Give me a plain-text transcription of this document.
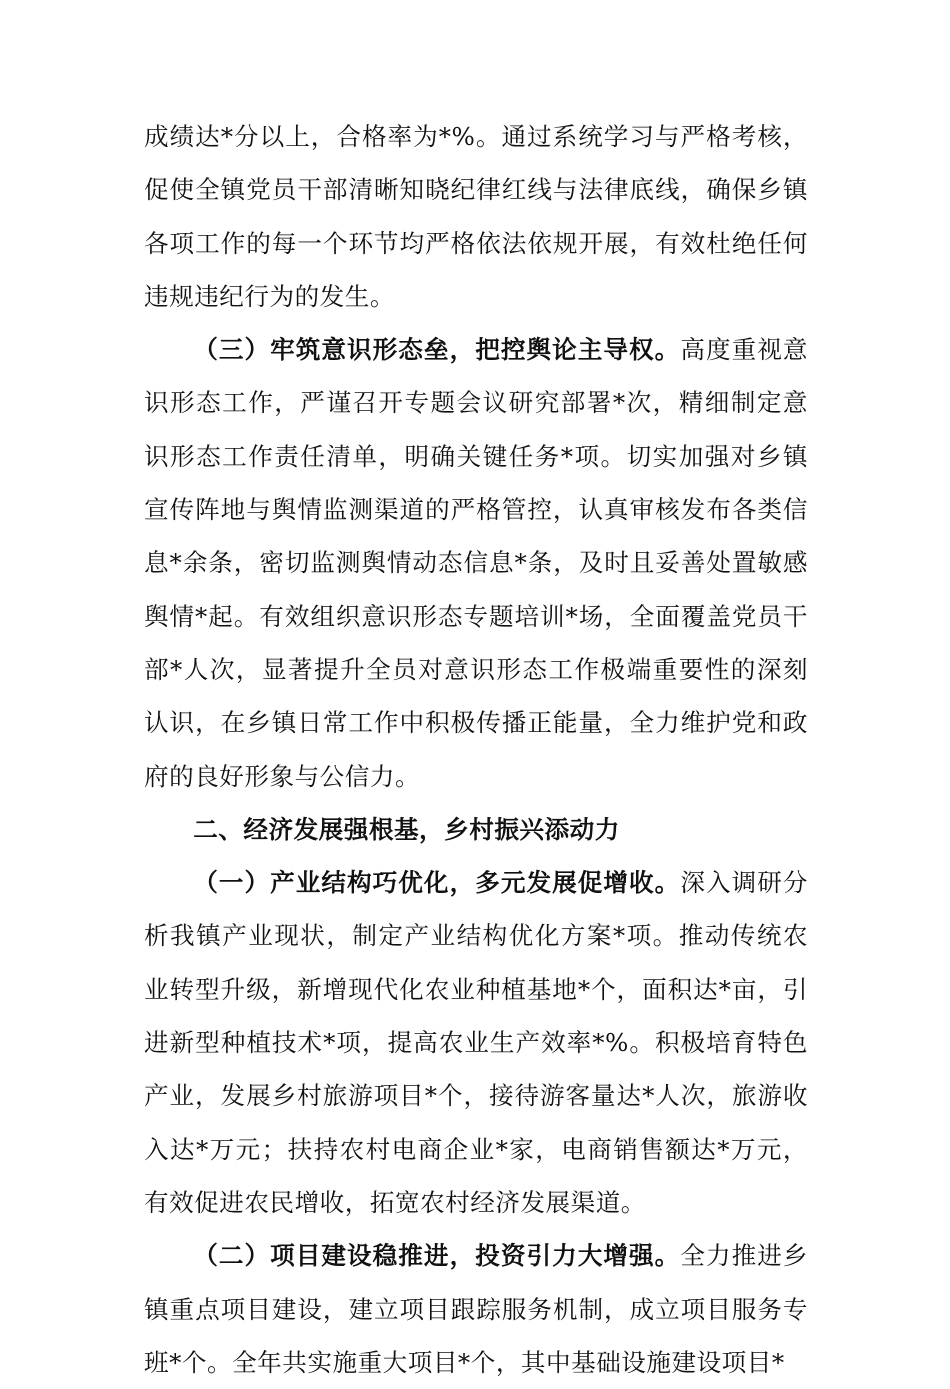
成绩达*分以上，合格率为*%。通过系统学习与严格考核，促使全镇党员干部清晰知晓纪律红线与法律底线，确保乡镇各项工作的每一个环节均严格依法依规开展，有效杜绝任何违规违纪行为的发生。

（三）牢筑意识形态垒，把控舆论主导权。高度重视意识形态工作，严谨召开专题会议研究部署*次，精细制定意识形态工作责任清单，明确关键任务*项。切实加强对乡镇宣传阵地与舆情监测渠道的严格管控，认真审核发布各类信息*余条，密切监测舆情动态信息*条，及时且妥善处置敏感舆情*起。有效组织意识形态专题培训*场，全面覆盖党员干部*人次，显著提升全员对意识形态工作极端重要性的深刻认识，在乡镇日常工作中积极传播正能量，全力维护党和政府的良好形象与公信力。

二、经济发展强根基，乡村振兴添动力

（一）产业结构巧优化，多元发展促增收。深入调研分析我镇产业现状，制定产业结构优化方案*项。推动传统农业转型升级，新增现代化农业种植基地*个，面积达*亩，引进新型种植技术*项，提高农业生产效率*%。积极培育特色产业，发展乡村旅游项目*个，接待游客量达*人次，旅游收入达*万元；扶持农村电商企业*家，电商销售额达*万元，有效促进农民增收，拓宽农村经济发展渠道。

（二）项目建设稳推进，投资引力大增强。全力推进乡镇重点项目建设，建立项目跟踪服务机制，成立项目服务专班*个。全年共实施重大项目*个，其中基础设施建设项目*
